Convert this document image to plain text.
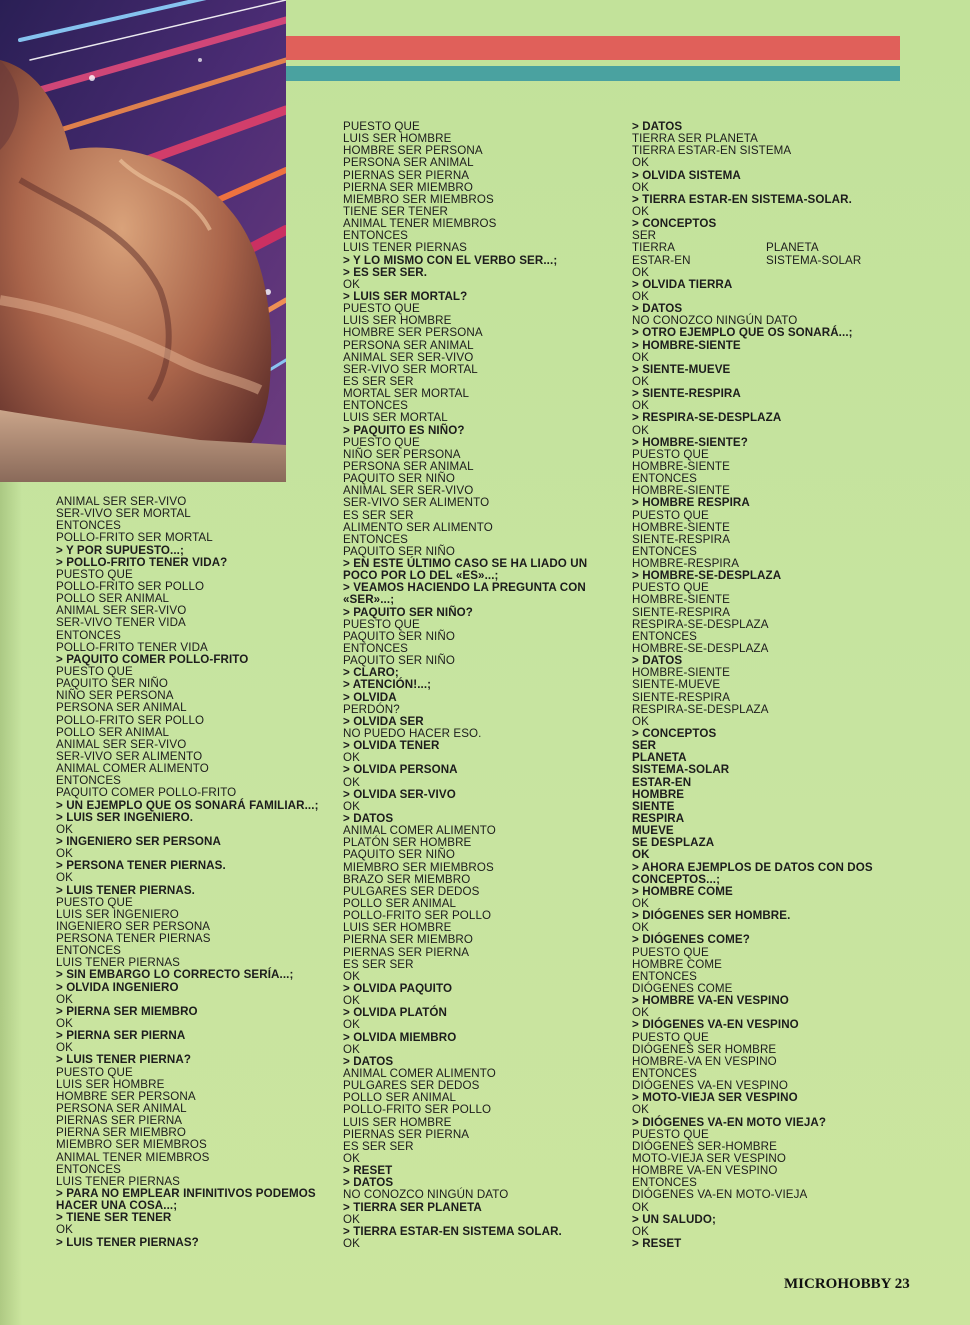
ANIMAL SER SER-VIVO
SER-VIVO SER MORTAL
ENTONCES
POLLO-FRITO SER MORTAL
> Y POR SUPUESTO...;
> POLLO-FRITO TENER VIDA?
PUESTO QUE
POLLO-FRITO SER POLLO
POLLO SER ANIMAL
ANIMAL SER SER-VIVO
SER-VIVO TENER VIDA
ENTONCES
POLLO-FRITO TENER VIDA
> PAQUITO COMER POLLO-FRITO
PUESTO QUE
PAQUITO SER NIÑO
NIÑO SER PERSONA
PERSONA SER ANIMAL
POLLO-FRITO SER POLLO
POLLO SER ANIMAL
ANIMAL SER SER-VIVO
SER-VIVO SER ALIMENTO
ANIMAL COMER ALIMENTO
ENTONCES
PAQUITO COMER POLLO-FRITO
> UN EJEMPLO QUE OS SONARÁ FAMILIAR...;
> LUIS SER INGENIERO.
OK
> INGENIERO SER PERSONA
OK
> PERSONA TENER PIERNAS.
OK
> LUIS TENER PIERNAS.
PUESTO QUE
LUIS SER INGENIERO
INGENIERO SER PERSONA
PERSONA TENER PIERNAS
ENTONCES
LUIS TENER PIERNAS
> SIN EMBARGO LO CORRECTO SERÍA...;
> OLVIDA INGENIERO
OK
> PIERNA SER MIEMBRO
OK
> PIERNA SER PIERNA
OK
> LUIS TENER PIERNA?
PUESTO QUE
LUIS SER HOMBRE
HOMBRE SER PERSONA
PERSONA SER ANIMAL
PIERNAS SER PIERNA
PIERNA SER MIEMBRO
MIEMBRO SER MIEMBROS
ANIMAL TENER MIEMBROS
ENTONCES
LUIS TENER PIERNAS
> PARA NO EMPLEAR INFINITIVOS PODEMOS
HACER UNA COSA...;
> TIENE SER TENER
OK
> LUIS TENER PIERNAS?
PUESTO QUE
LUIS SER HOMBRE
HOMBRE SER PERSONA
PERSONA SER ANIMAL
PIERNAS SER PIERNA
PIERNA SER MIEMBRO
MIEMBRO SER MIEMBROS
TIENE SER TENER
ANIMAL TENER MIEMBROS
ENTONCES
LUIS TENER PIERNAS
> Y LO MISMO CON EL VERBO SER...;
> ES SER SER.
OK
> LUIS SER MORTAL?
PUESTO QUE
LUIS SER HOMBRE
HOMBRE SER PERSONA
PERSONA SER ANIMAL
ANIMAL SER SER-VIVO
SER-VIVO SER MORTAL
ES SER SER
MORTAL SER MORTAL
ENTONCES
LUIS SER MORTAL
> PAQUITO ES NIÑO?
PUESTO QUE
NIÑO SER PERSONA
PERSONA SER ANIMAL
PAQUITO SER NIÑO
ANIMAL SER SER-VIVO
SER-VIVO SER ALIMENTO
ES SER SER
ALIMENTO SER ALIMENTO
ENTONCES
PAQUITO SER NIÑO
> EN ESTE ÚLTIMO CASO SE HA LIADO UN
POCO POR LO DEL «ES»...;
> VEAMOS HACIENDO LA PREGUNTA CON
«SER»...;
> PAQUITO SER NIÑO?
PUESTO QUE
PAQUITO SER NIÑO
ENTONCES
PAQUITO SER NIÑO
> CLARO;
> ATENCIÓN!...;
> OLVIDA
PERDÓN?
> OLVIDA SER
NO PUEDO HACER ESO.
> OLVIDA TENER
OK
> OLVIDA PERSONA
OK
> OLVIDA SER-VIVO
OK
> DATOS
ANIMAL COMER ALIMENTO
PLATÓN SER HOMBRE
PAQUITO SER NIÑO
MIEMBRO SER MIEMBROS
BRAZO SER MIEMBRO
PULGARES SER DEDOS
POLLO SER ANIMAL
POLLO-FRITO SER POLLO
LUIS SER HOMBRE
PIERNA SER MIEMBRO
PIERNAS SER PIERNA
ES SER SER
OK
> OLVIDA PAQUITO
OK
> OLVIDA PLATÓN
OK
> OLVIDA MIEMBRO
OK
> DATOS
ANIMAL COMER ALIMENTO
PULGARES SER DEDOS
POLLO SER ANIMAL
POLLO-FRITO SER POLLO
LUIS SER HOMBRE
PIERNAS SER PIERNA
ES SER SER
OK
> RESET
> DATOS
NO CONOZCO NINGÚN DATO
> TIERRA SER PLANETA
OK
> TIERRA ESTAR-EN SISTEMA SOLAR.
OK
> DATOS
TIERRA SER PLANETA
TIERRA ESTAR-EN SISTEMA
OK
> OLVIDA SISTEMA
OK
> TIERRA ESTAR-EN SISTEMA-SOLAR.
OK
> CONCEPTOS
SER
TIERRA	PLANETA
ESTAR-EN	SISTEMA-SOLAR
OK
> OLVIDA TIERRA
OK
> DATOS
NO CONOZCO NINGÚN DATO
> OTRO EJEMPLO QUE OS SONARÁ...;
> HOMBRE-SIENTE
OK
> SIENTE-MUEVE
OK
> SIENTE-RESPIRA
OK
> RESPIRA-SE-DESPLAZA
OK
> HOMBRE-SIENTE?
PUESTO QUE
HOMBRE-SIENTE
ENTONCES
HOMBRE-SIENTE
> HOMBRE RESPIRA
PUESTO QUE
HOMBRE-SIENTE
SIENTE-RESPIRA
ENTONCES
HOMBRE-RESPIRA
> HOMBRE-SE-DESPLAZA
PUESTO QUE
HOMBRE-SIENTE
SIENTE-RESPIRA
RESPIRA-SE-DESPLAZA
ENTONCES
HOMBRE-SE-DESPLAZA
> DATOS
HOMBRE-SIENTE
SIENTE-MUEVE
SIENTE-RESPIRA
RESPIRA-SE-DESPLAZA
OK
> CONCEPTOS
SER
PLANETA
SISTEMA-SOLAR
ESTAR-EN
HOMBRE
SIENTE
RESPIRA
MUEVE
SE DESPLAZA
OK
> AHORA EJEMPLOS DE DATOS CON DOS
CONCEPTOS...;
> HOMBRE COME
OK
> DIÓGENES SER HOMBRE.
OK
> DIÓGENES COME?
PUESTO QUE
HOMBRE COME
ENTONCES
DIÓGENES COME
> HOMBRE VA-EN VESPINO
OK
> DIÓGENES VA-EN VESPINO
PUESTO QUE
DIÓGENES SER HOMBRE
HOMBRE-VA EN VESPINO
ENTONCES
DIÓGENES VA-EN VESPINO
> MOTO-VIEJA SER VESPINO
OK
> DIÓGENES VA-EN MOTO VIEJA?
PUESTO QUE
DIÓGENES SER-HOMBRE
MOTO-VIEJA SER VESPINO
HOMBRE VA-EN VESPINO
ENTONCES
DIÓGENES VA-EN MOTO-VIEJA
OK
> UN SALUDO;
OK
> RESET
MICROHOBBY 23
